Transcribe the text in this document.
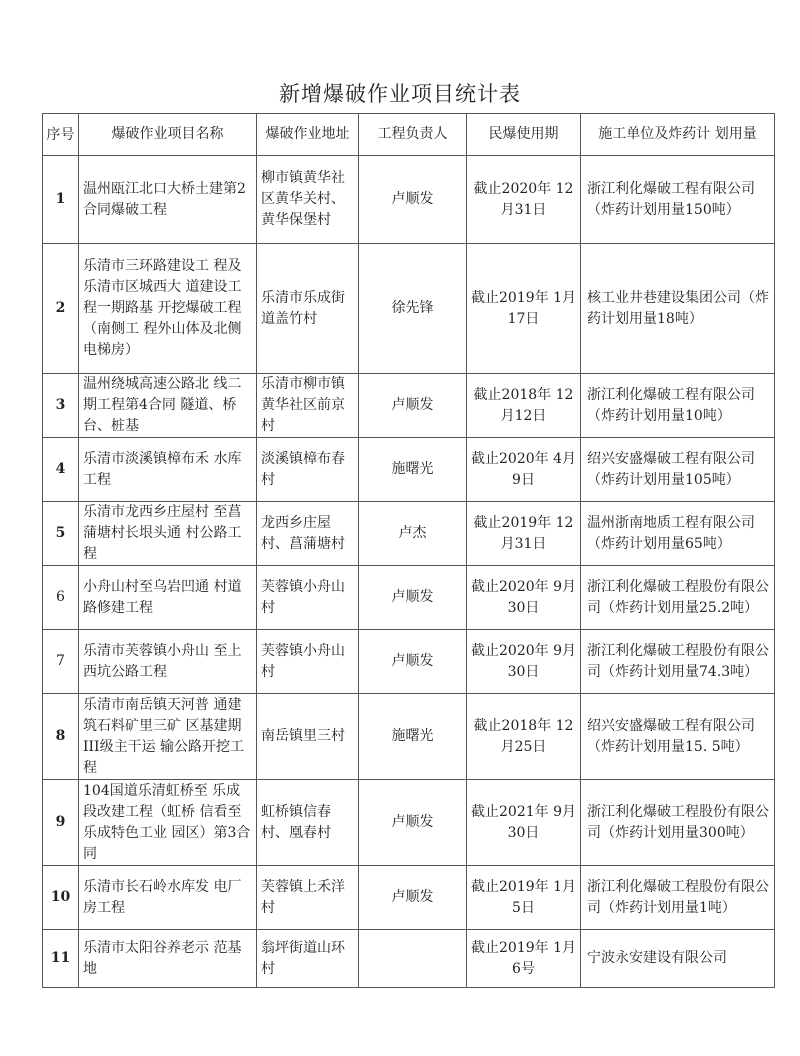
新增爆破作业项目统计表
序号	爆破作业项目名称	爆破作业地址	工程负责人	民爆使用期	施工单位及炸药计 划用量
1	温州瓯江北口大桥土建第2合同爆破工程	柳市镇黄华社区黄华关村、黄华保堡村	卢顺发	截止2020年 12月31日	浙江利化爆破工程有限公司（炸药计划用量150吨）
2	乐清市三环路建设工 程及乐清市区城西大 道建设工程一期路基 开挖爆破工程（南侧工 程外山体及北侧电梯房）	乐清市乐成街道盖竹村	徐先锋	截止2019年 1月17日	核工业井巷建设集团公司（炸药计划用量18吨）
3	温州绕城高速公路北 线二期工程第4合同 隧道、桥台、桩基	乐清市柳市镇黄华社区前京村	卢顺发	截止2018年 12月12日	浙江利化爆破工程有限公司（炸药计划用量10吨）
4	乐清市淡溪镇樟布禾 水库工程	淡溪镇樟布春村	施曙光	截止2020年 4月9日	绍兴安盛爆破工程有限公司（炸药计划用量105吨）
5	乐清市龙西乡庄屋村 至菖蒲塘村长垠头通 村公路工程	龙西乡庄屋村、菖蒲塘村	卢杰	截止2019年 12月31日	温州浙南地质工程有限公司（炸药计划用量65吨）
6	小舟山村至乌岩凹通 村道路修建工程	芙蓉镇小舟山村	卢顺发	截止2020年 9月30日	浙江利化爆破工程股份有限公司（炸药计划用量25.2吨）
7	乐清市芙蓉镇小舟山 至上西坑公路工程	芙蓉镇小舟山村	卢顺发	截止2020年 9月30日	浙江利化爆破工程股份有限公司（炸药计划用量74.3吨）
8	乐清市南岳镇天河普 通建筑石料矿里三矿 区基建期III级主干运 输公路开挖工程	南岳镇里三村	施曙光	截止2018年 12月25日	绍兴安盛爆破工程有限公司（炸药计划用量15. 5吨）
9	104国道乐清虹桥至 乐成段改建工程（虹桥 信看至乐成特色工业 园区）第3合同	虹桥镇信春村、凰春村	卢顺发	截止2021年 9月30日	浙江利化爆破工程股份有限公司（炸药计划用量300吨）
10	乐清市长石岭水库发 电厂房工程	芙蓉镇上禾洋村	卢顺发	截止2019年 1月5日	浙江利化爆破工程股份有限公司（炸药计划用量1吨）
11	乐清市太阳谷养老示 范基地	翁坪街道山环村		截止2019年 1月6号	宁波永安建设有限公司
